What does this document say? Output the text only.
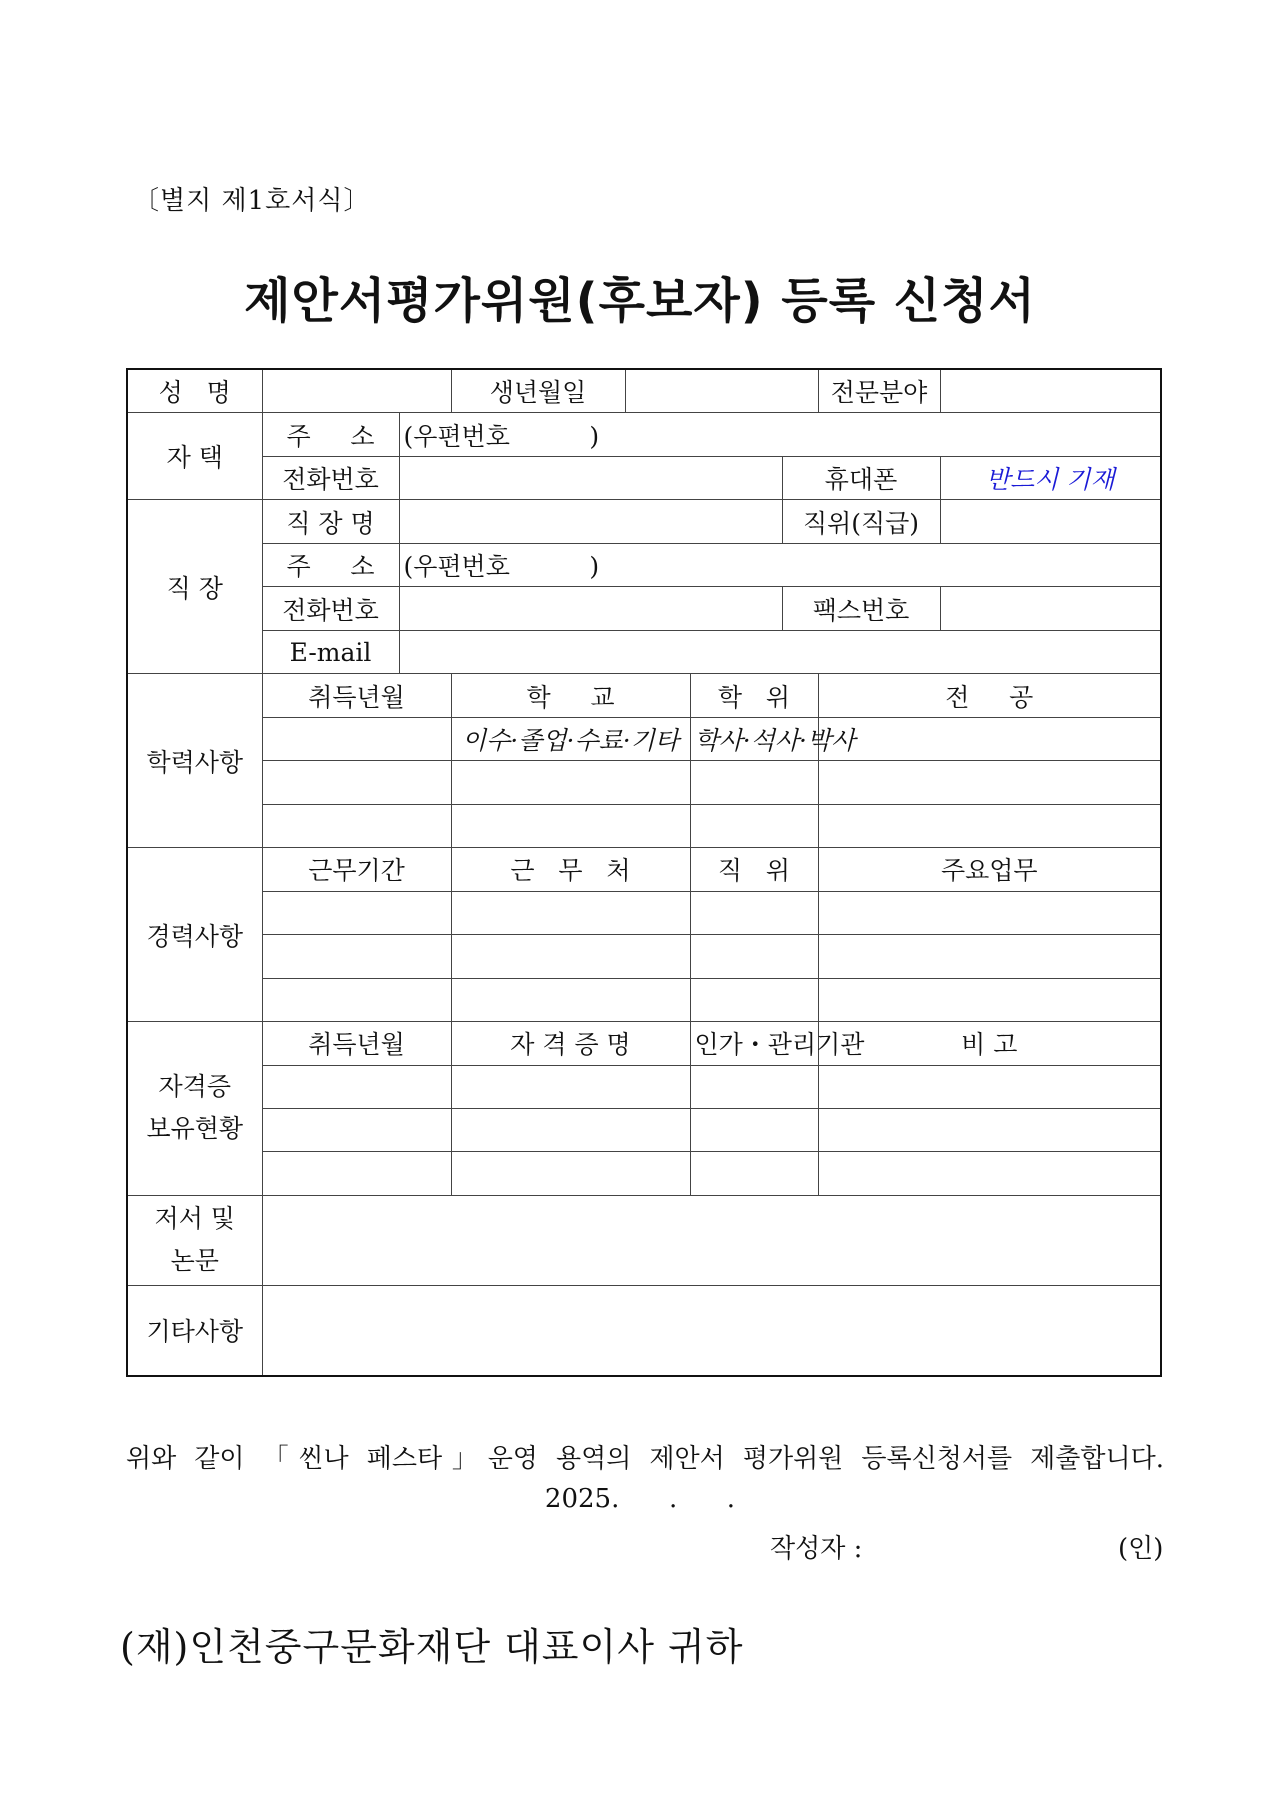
〔별지 제1호서식〕
제안서평가위원(후보자) 등록 신청서
성   명			생년월일				전문분야	
자 택	주     소	(우편번호          )						
	전화번호					휴대폰		반드시 기재
직 장	직 장 명					직위(직급)		
	주     소	(우편번호          )						
	전화번호					팩스번호		
	E-mail							
학력사항	취득년월		학     교		학   위		전     공	
			이수·졸업·수료·기타		학사·석사·박사			

경력사항	근무기간		근   무   처		직   위		주요업무	

자격증
보유현황	취득년월		자 격 증 명		인가・관리기관		비 고	

저서 및
논문								

기타사항								
위와 같이 「씬나 페스타」운영 용역의 제안서 평가위원 등록신청서를 제출합니다.
2025.      .      .
작성자 :	(인)
(재)인천중구문화재단 대표이사 귀하
